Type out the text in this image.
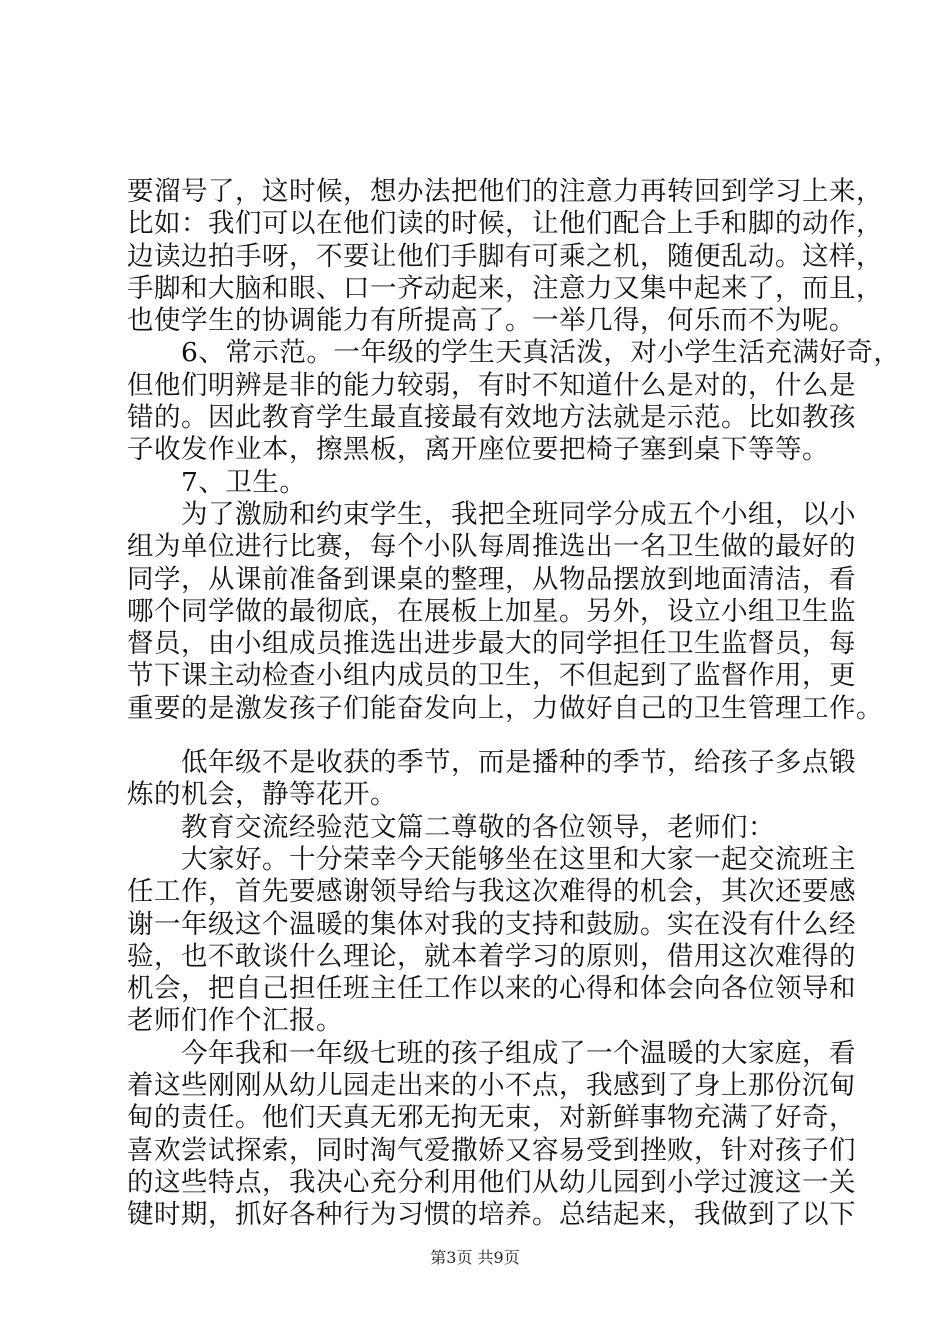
要溜号了，这时候，想办法把他们的注意力再转回到学习上来，
比如：我们可以在他们读的时候，让他们配合上手和脚的动作，
边读边拍手呀，不要让他们手脚有可乘之机，随便乱动。这样，
手脚和大脑和眼、口一齐动起来，注意力又集中起来了，而且，
也使学生的协调能力有所提高了。一举几得，何乐而不为呢。
　　6、常示范。一年级的学生天真活泼，对小学生活充满好奇，
但他们明辨是非的能力较弱，有时不知道什么是对的，什么是
错的。因此教育学生最直接最有效地方法就是示范。比如教孩
子收发作业本，擦黑板，离开座位要把椅子塞到桌下等等。
　　7、卫生。
　　为了激励和约束学生，我把全班同学分成五个小组，以小
组为单位进行比赛，每个小队每周推选出一名卫生做的最好的
同学，从课前准备到课桌的整理，从物品摆放到地面清洁，看
哪个同学做的最彻底，在展板上加星。另外，设立小组卫生监
督员，由小组成员推选出进步最大的同学担任卫生监督员，每
节下课主动检查小组内成员的卫生，不但起到了监督作用，更
重要的是激发孩子们能奋发向上，力做好自己的卫生管理工作。
　　低年级不是收获的季节，而是播种的季节，给孩子多点锻
炼的机会，静等花开。
　　教育交流经验范文篇二尊敬的各位领导，老师们：
　　大家好。十分荣幸今天能够坐在这里和大家一起交流班主
任工作，首先要感谢领导给与我这次难得的机会，其次还要感
谢一年级这个温暖的集体对我的支持和鼓励。实在没有什么经
验，也不敢谈什么理论，就本着学习的原则，借用这次难得的
机会，把自己担任班主任工作以来的心得和体会向各位领导和
老师们作个汇报。
　　今年我和一年级七班的孩子组成了一个温暖的大家庭，看
着这些刚刚从幼儿园走出来的小不点，我感到了身上那份沉甸
甸的责任。他们天真无邪无拘无束，对新鲜事物充满了好奇，
喜欢尝试探索，同时淘气爱撒娇又容易受到挫败，针对孩子们
的这些特点，我决心充分利用他们从幼儿园到小学过渡这一关
键时期，抓好各种行为习惯的培养。总结起来，我做到了以下
第3页 共9页
